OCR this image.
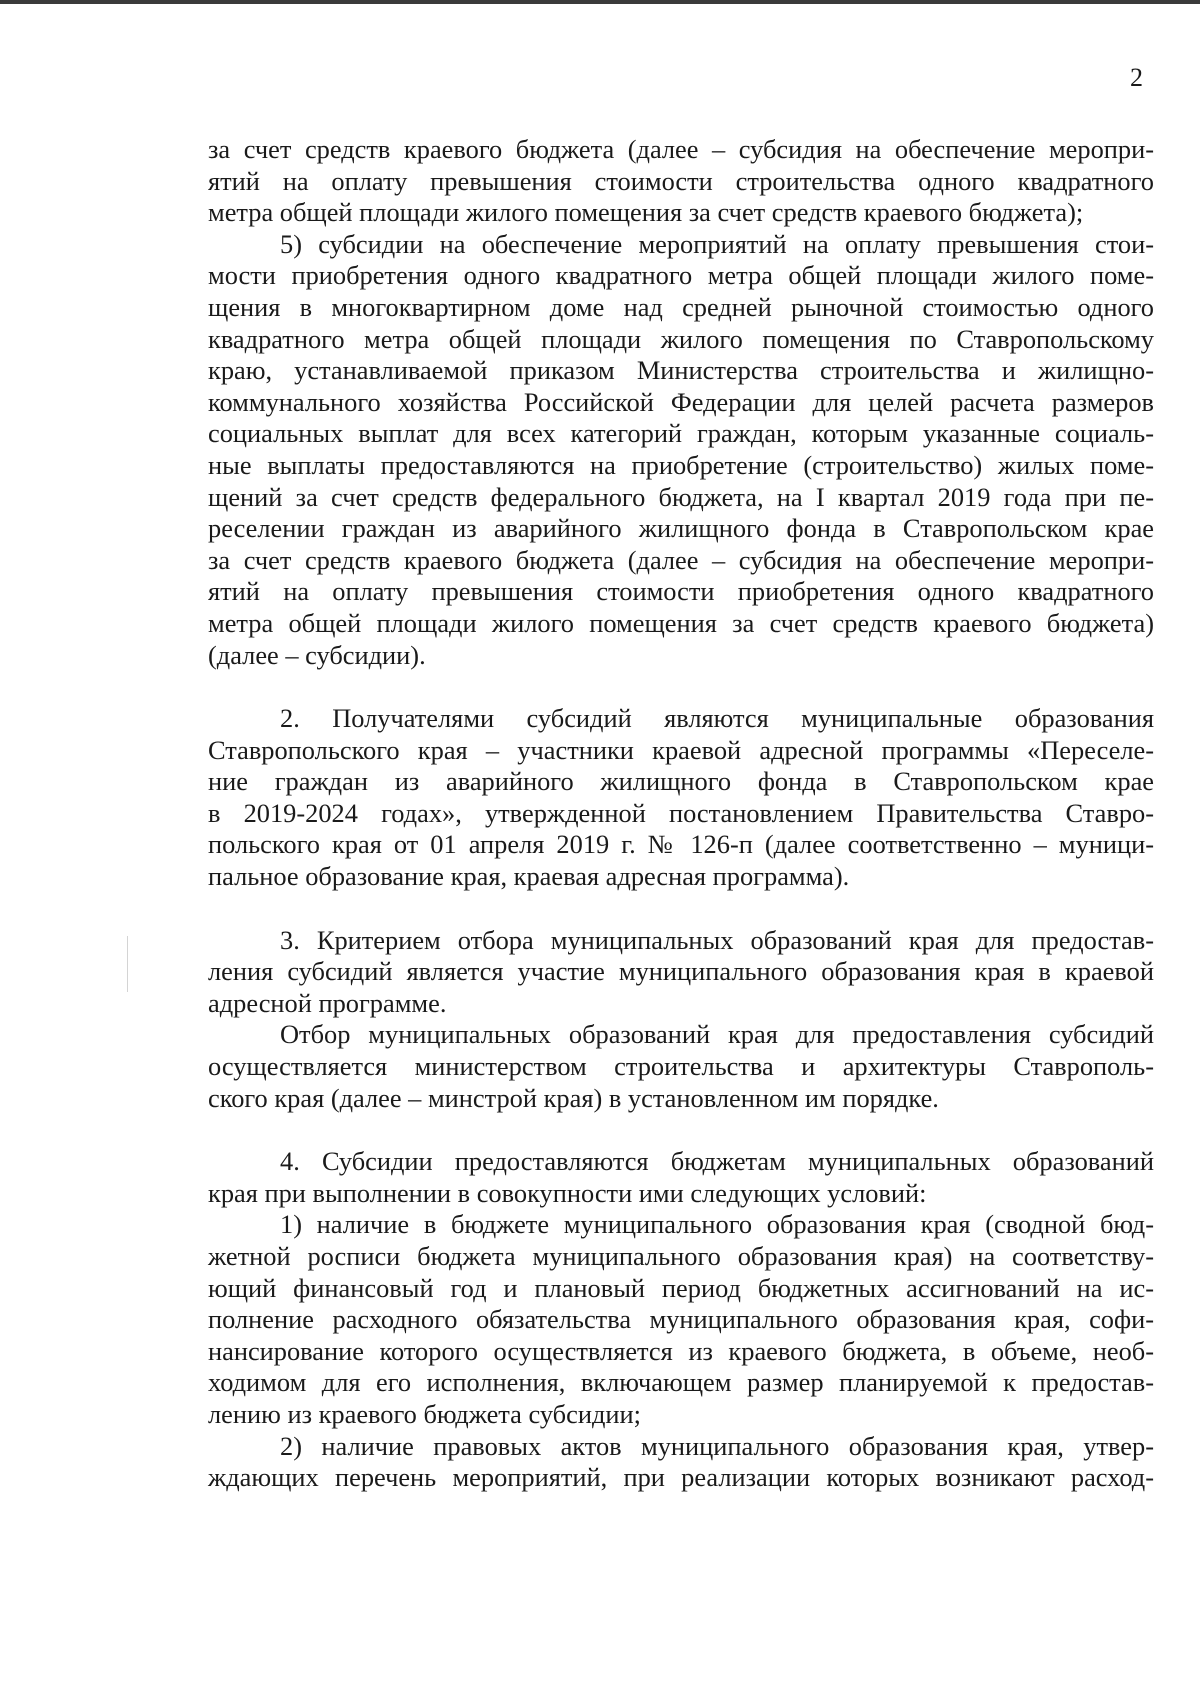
2
за счет средств краевого бюджета (далее – субсидия на обеспечение меропри-
ятий на оплату превышения стоимости строительства одного квадратного
метра общей площади жилого помещения за счет средств краевого бюджета);
5) субсидии на обеспечение мероприятий на оплату превышения стои-
мости приобретения одного квадратного метра общей площади жилого поме-
щения в многоквартирном доме над средней рыночной стоимостью одного
квадратного метра общей площади жилого помещения по Ставропольскому
краю, устанавливаемой приказом Министерства строительства и жилищно-
коммунального хозяйства Российской Федерации для целей расчета размеров
социальных выплат для всех категорий граждан, которым указанные социаль-
ные выплаты предоставляются на приобретение (строительство) жилых поме-
щений за счет средств федерального бюджета, на I квартал 2019 года при пе-
реселении граждан из аварийного жилищного фонда в Ставропольском крае
за счет средств краевого бюджета (далее – субсидия на обеспечение меропри-
ятий на оплату превышения стоимости приобретения одного квадратного
метра общей площади жилого помещения за счет средств краевого бюджета)
(далее – субсидии).
2. Получателями субсидий являются муниципальные образования
Ставропольского края – участники краевой адресной программы «Переселе-
ние граждан из аварийного жилищного фонда в Ставропольском крае
в 2019-2024 годах», утвержденной постановлением Правительства Ставро-
польского края от 01 апреля 2019 г. № 126-п (далее соответственно – муници-
пальное образование края, краевая адресная программа).
3. Критерием отбора муниципальных образований края для предостав-
ления субсидий является участие муниципального образования края в краевой
адресной программе.
Отбор муниципальных образований края для предоставления субсидий
осуществляется министерством строительства и архитектуры Ставрополь-
ского края (далее – минстрой края) в установленном им порядке.
4. Субсидии предоставляются бюджетам муниципальных образований
края при выполнении в совокупности ими следующих условий:
1) наличие в бюджете муниципального образования края (сводной бюд-
жетной росписи бюджета муниципального образования края) на соответству-
ющий финансовый год и плановый период бюджетных ассигнований на ис-
полнение расходного обязательства муниципального образования края, софи-
нансирование которого осуществляется из краевого бюджета, в объеме, необ-
ходимом для его исполнения, включающем размер планируемой к предостав-
лению из краевого бюджета субсидии;
2) наличие правовых актов муниципального образования края, утвер-
ждающих перечень мероприятий, при реализации которых возникают расход-
